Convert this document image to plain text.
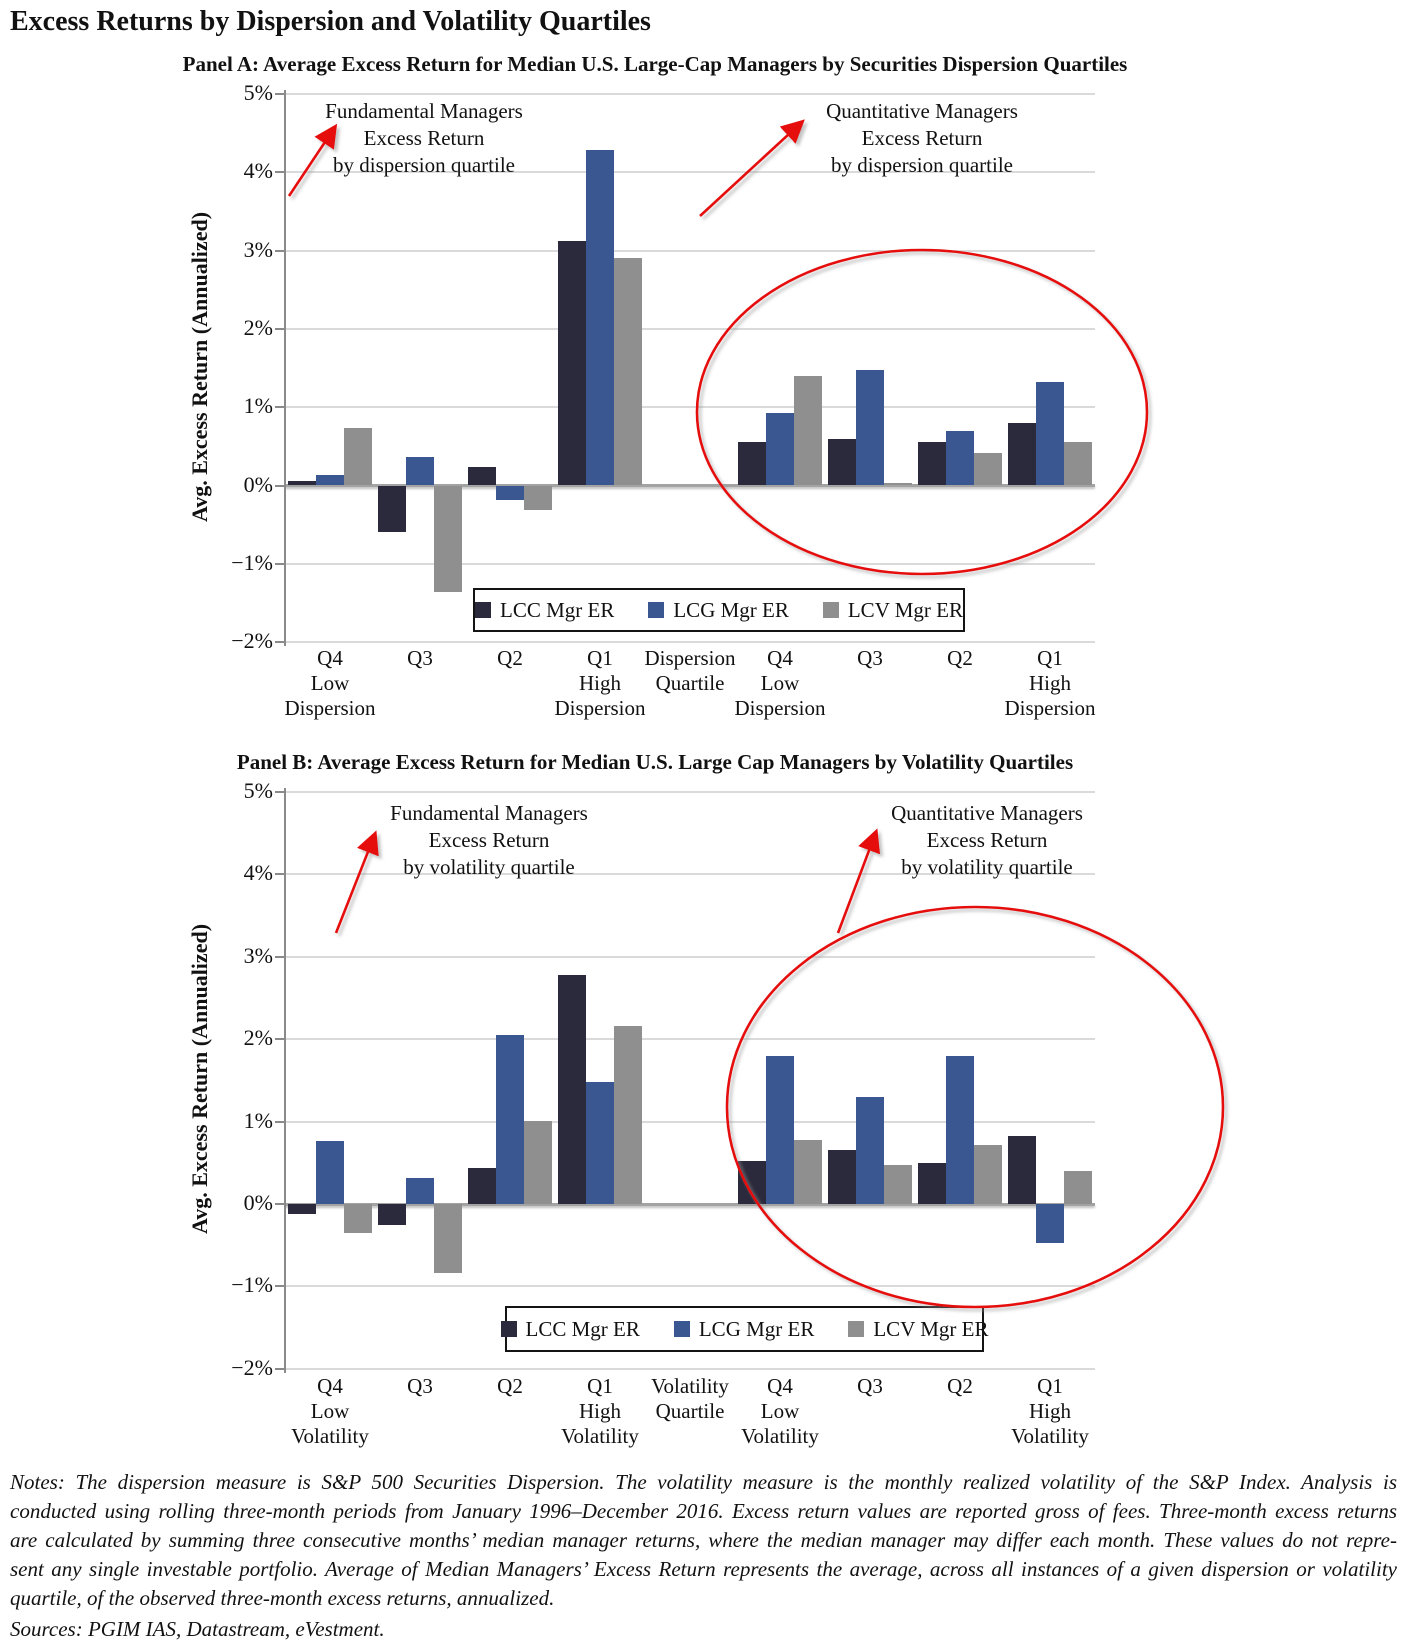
Excess Returns by Dispersion and Volatility Quartiles
Panel A: Average Excess Return for Median U.S. Large-Cap Managers by Securities Dispersion Quartiles
Panel B: Average Excess Return for Median U.S. Large Cap Managers by Volatility Quartiles
Avg. Excess Return (Annualized)
Avg. Excess Return (Annualized)
Notes: The dispersion measure is S&P 500 Securities Dispersion. The volatility measure is the monthly realized volatility of the S&P Index. Analysis is
conducted using rolling three-month periods from January 1996–December 2016. Excess return values are reported gross of fees. Three-month excess returns
are calculated by summing three consecutive months’ median manager returns, where the median manager may differ each month. These values do not repre-
sent any single investable portfolio. Average of Median Managers’ Excess Return represents the average, across all instances of a given dispersion or volatility
quartile, of the observed three-month excess returns, annualized.
Sources: PGIM IAS, Datastream, eVestment.
5%
4%
3%
2%
1%
0%
−1%
−2%
Q4
Low
Dispersion
Q3	Q2	Q1
High
Dispersion
Dispersion
Quartile
Q4
Low
Dispersion
Q3	Q2	Q1
High
Dispersion
LCC Mgr ER	LCG Mgr ER	LCV Mgr ER
Fundamental Managers
Excess Return
by dispersion quartile
Quantitative Managers
Excess Return
by dispersion quartile
5%
4%
3%
2%
1%
0%
−1%
−2%
Q4
Low
Volatility
Q3	Q2	Q1
High
Volatility
Volatility
Quartile
Q4
Low
Volatility
Q3	Q2	Q1
High
Volatility
LCC Mgr ER	LCG Mgr ER	LCV Mgr ER
Fundamental Managers
Excess Return
by volatility quartile
Quantitative Managers
Excess Return
by volatility quartile
